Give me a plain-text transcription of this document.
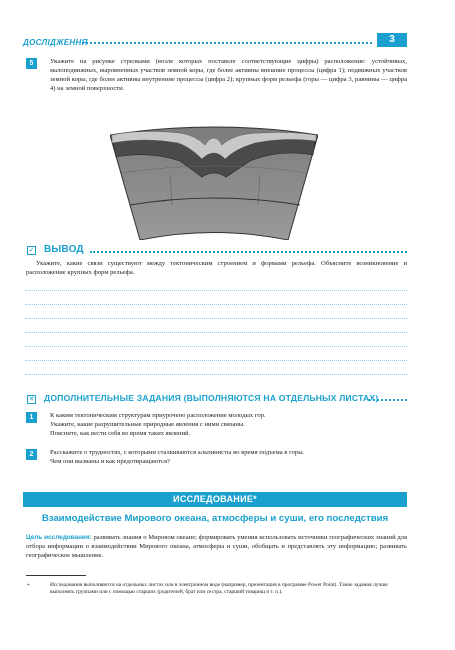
ДОСЛІДЖЕННЯ	3
5	Укажите на рисунке стрелками (возле которых поставьте соответствующие цифры) расположение: устойчивых, малоподвижных, выровненных участков земной коры, где более активны внешние процессы (цифра 1); подвижных участков земной коры, где более активны внутренние процессы (цифра 2); крупных форм рельефа (горы — цифра 3, равнины — цифра 4) на земной поверхности.
✓ ВЫВОД
Укажите, какие связи существуют между тектоническим строением и формами рельефа. Объясните возникновение и расположение крупных форм рельефа.
✕ ДОПОЛНИТЕЛЬНЫЕ ЗАДАНИЯ (ВЫПОЛНЯЮТСЯ НА ОТДЕЛЬНЫХ ЛИСТАХ)
1	К каким тектоническим структурам приурочено расположение молодых гор.
Укажите, какие разрушительные природные явления с ними связаны.
Поясните, как вести себя во время таких явлений.
2	Расскажите о трудностях, с которыми сталкиваются альпинисты во время подъема в горы.
Чем они вызваны и как предотвращаются?
ИССЛЕДОВАНИЕ*
Взаимодействие Мирового океана, атмосферы и суши, его последствия
Цель исследования: развивать знания о Мировом океане; формировать умения использовать источники географических знаний для отбора информации о взаимодействии Мирового океана, атмосферы и суши, обобщать и представлять эту информацию; развивать географическое мышление.
*	Исследования выполняются на отдельных листах или в электронном виде (например, презентация в программе Power Point). Такие задания лучше выполнять группами или с помощью старших (родителей, брат или сестра, старший товарищ и т. п.).
